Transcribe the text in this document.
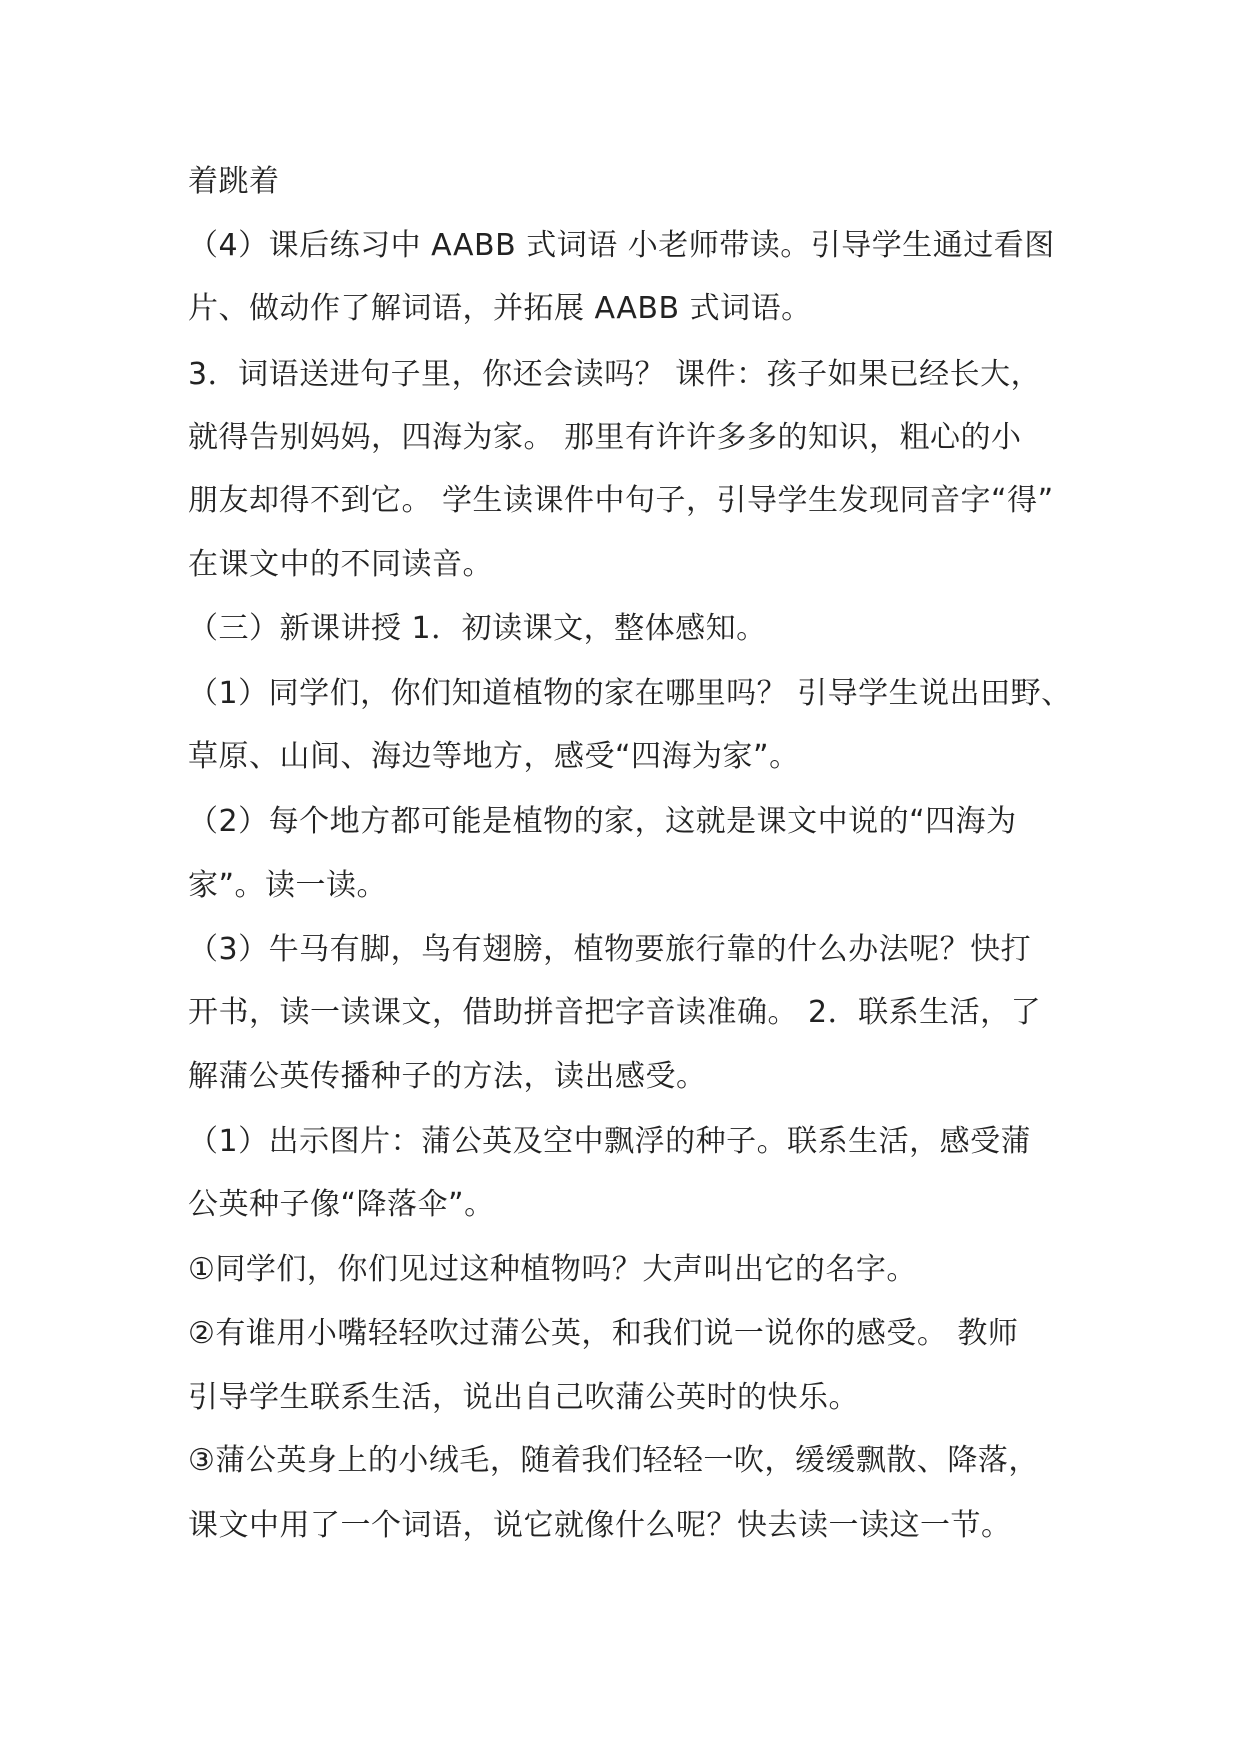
着跳着
（4）课后练习中 AABB 式词语 小老师带读。引导学生通过看图
片、做动作了解词语，并拓展 AABB 式词语。
3．词语送进句子里，你还会读吗？ 课件：孩子如果已经长大，
就得告别妈妈，四海为家。 那里有许许多多的知识，粗心的小
朋友却得不到它。 学生读课件中句子，引导学生发现同音字“得”
在课文中的不同读音。
（三）新课讲授 1．初读课文，整体感知。
（1）同学们，你们知道植物的家在哪里吗？ 引导学生说出田野、
草原、山间、海边等地方，感受“四海为家”。
（2）每个地方都可能是植物的家，这就是课文中说的“四海为
家”。读一读。
（3）牛马有脚，鸟有翅膀，植物要旅行靠的什么办法呢？快打
开书，读一读课文，借助拼音把字音读准确。 2．联系生活，了
解蒲公英传播种子的方法，读出感受。
（1）出示图片：蒲公英及空中飘浮的种子。联系生活，感受蒲
公英种子像“降落伞”。
①同学们，你们见过这种植物吗？大声叫出它的名字。
②有谁用小嘴轻轻吹过蒲公英，和我们说一说你的感受。 教师
引导学生联系生活，说出自己吹蒲公英时的快乐。
③蒲公英身上的小绒毛，随着我们轻轻一吹，缓缓飘散、降落，
课文中用了一个词语，说它就像什么呢？快去读一读这一节。
